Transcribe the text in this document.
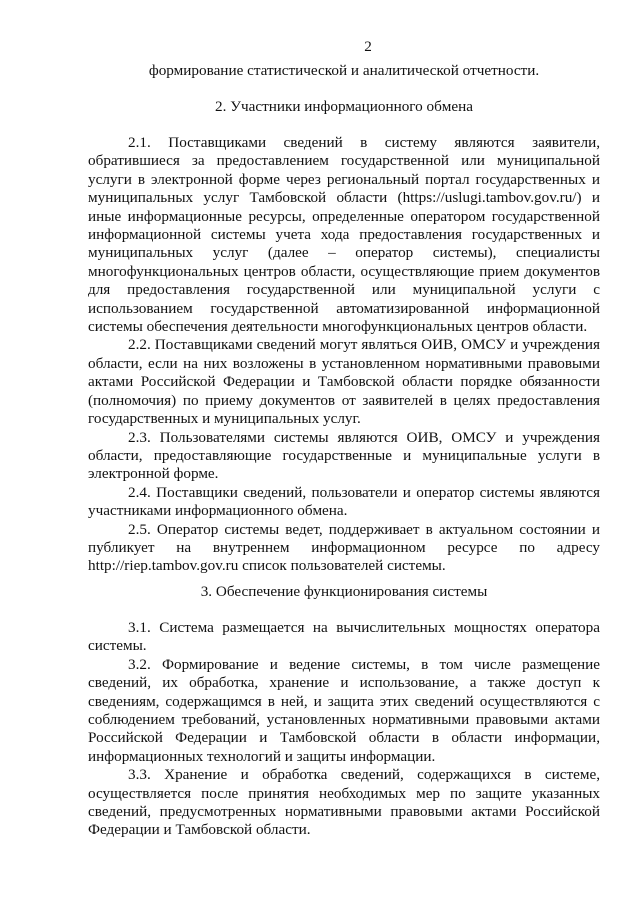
2
формирование статистической и аналитической отчетности.
2. Участники информационного обмена

2.1. Поставщиками сведений в систему являются заявители, обратившиеся за предоставлением государственной или муниципальной услуги в электронной форме через региональный портал государственных и муниципальных услуг Тамбовской области (https://uslugi.tambov.gov.ru/) и иные информационные ресурсы, определенные оператором государственной информационной системы учета хода предоставления государственных и муниципальных услуг (далее – оператор системы), специалисты многофункциональных центров области, осуществляющие прием документов для предоставления государственной или муниципальной услуги с использованием государственной автоматизированной информационной системы обеспечения деятельности многофункциональных центров области.

2.2. Поставщиками сведений могут являться ОИВ, ОМСУ и учреждения области, если на них возложены в установленном нормативными правовыми актами Российской Федерации и Тамбовской области порядке обязанности (полномочия) по приему документов от заявителей в целях предоставления государственных и муниципальных услуг.

2.3. Пользователями системы являются ОИВ, ОМСУ и учреждения области, предоставляющие государственные и муниципальные услуги в электронной форме.

2.4. Поставщики сведений, пользователи и оператор системы являются участниками информационного обмена.

2.5. Оператор системы ведет, поддерживает в актуальном состоянии и публикует на внутреннем информационном ресурсе по адресу http://riep.tambov.gov.ru список пользователей системы.

3. Обеспечение функционирования системы

3.1. Система размещается на вычислительных мощностях оператора системы.

3.2. Формирование и ведение системы, в том числе размещение сведений, их обработка, хранение и использование, а также доступ к сведениям, содержащимся в ней, и защита этих сведений осуществляются с соблюдением требований, установленных нормативными правовыми актами Российской Федерации и Тамбовской области в области информации, информационных технологий и защиты информации.

3.3. Хранение и обработка сведений, содержащихся в системе, осуществляется после принятия необходимых мер по защите указанных сведений, предусмотренных нормативными правовыми актами Российской Федерации и Тамбовской области.
